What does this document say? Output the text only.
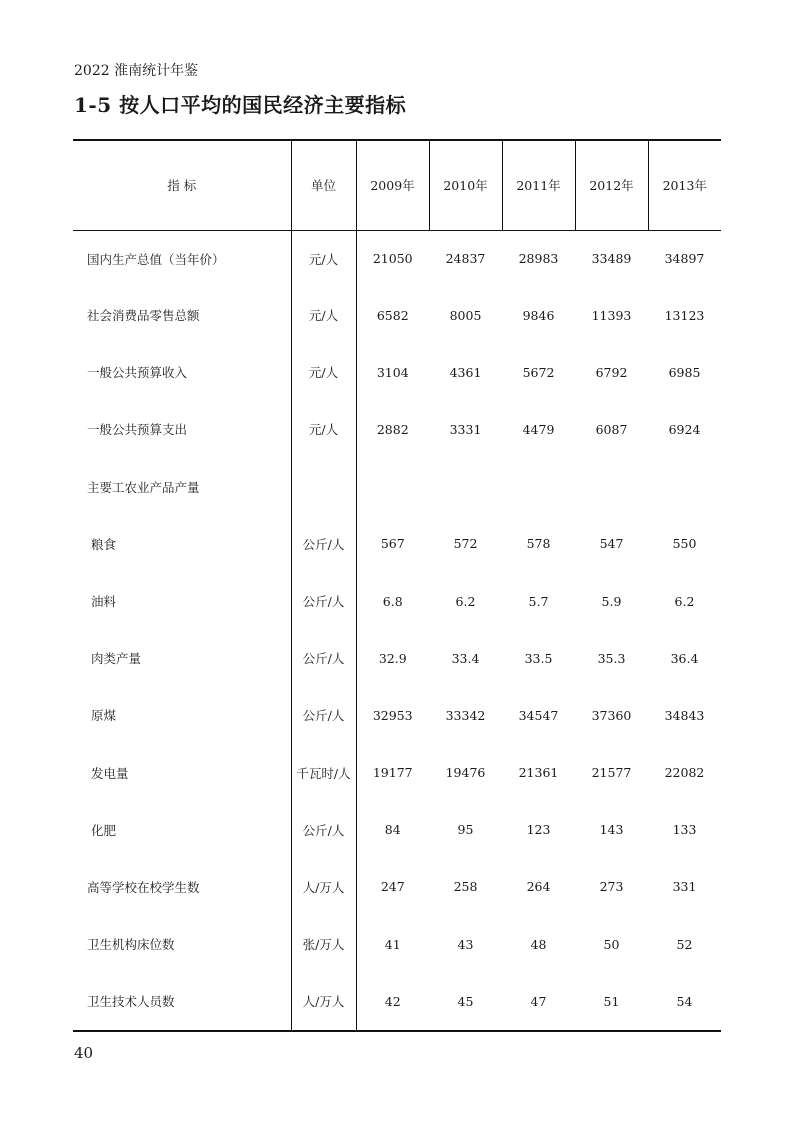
2022 淮南统计年鉴
1-5 按人口平均的国民经济主要指标
指 标	单位	2009年	2010年	2011年	2012年	2013年
国内生产总值（当年价）	元/人	21050	24837	28983	33489	34897
社会消费品零售总额	元/人	6582	8005	9846	11393	13123
一般公共预算收入	元/人	3104	4361	5672	6792	6985
一般公共预算支出	元/人	2882	3331	4479	6087	6924
主要工农业产品产量						
粮食	公斤/人	567	572	578	547	550
油料	公斤/人	6.8	6.2	5.7	5.9	6.2
肉类产量	公斤/人	32.9	33.4	33.5	35.3	36.4
原煤	公斤/人	32953	33342	34547	37360	34843
发电量	千瓦时/人	19177	19476	21361	21577	22082
化肥	公斤/人	84	95	123	143	133
高等学校在校学生数	人/万人	247	258	264	273	331
卫生机构床位数	张/万人	41	43	48	50	52
卫生技术人员数	人/万人	42	45	47	51	54
40
